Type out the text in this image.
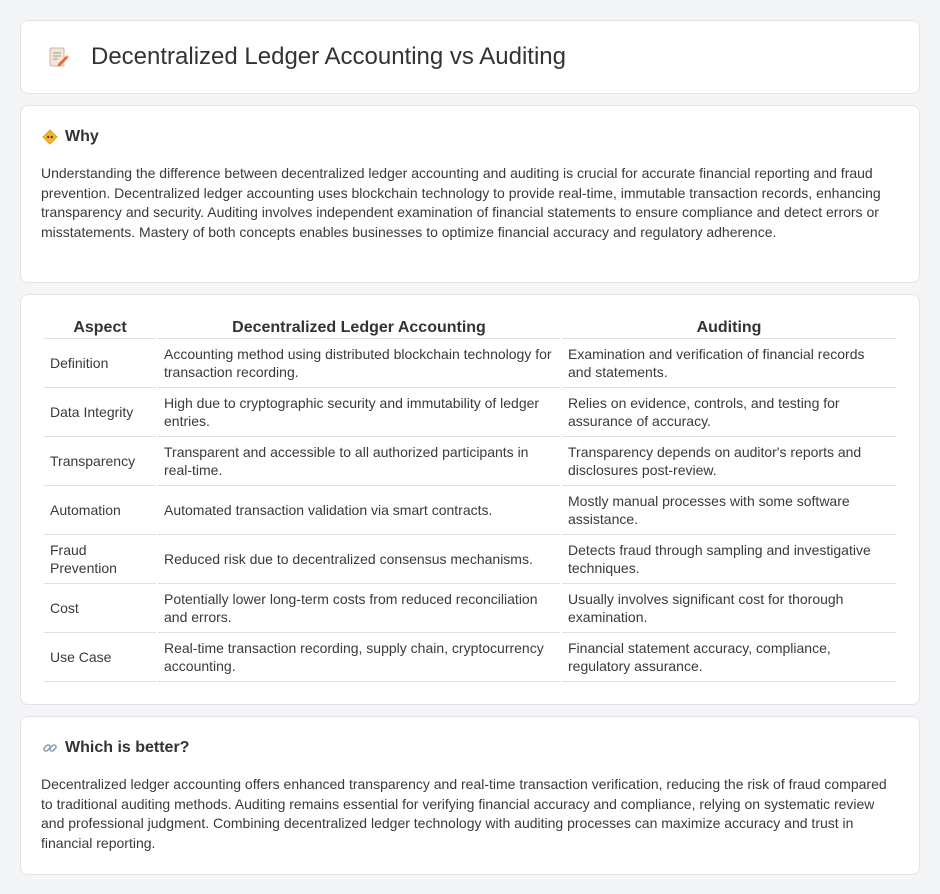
Decentralized Ledger Accounting vs Auditing
Why

Understanding the difference between decentralized ledger accounting and auditing is crucial for accurate financial reporting and fraud prevention. Decentralized ledger accounting uses blockchain technology to provide real-time, immutable transaction records, enhancing transparency and security. Auditing involves independent examination of financial statements to ensure compliance and detect errors or misstatements. Mastery of both concepts enables businesses to optimize financial accuracy and regulatory adherence.

Aspect	Decentralized Ledger Accounting	Auditing
Definition	Accounting method using distributed blockchain technology for transaction recording.	Examination and verification of financial records and statements.
Data Integrity	High due to cryptographic security and immutability of ledger entries.	Relies on evidence, controls, and testing for assurance of accuracy.
Transparency	Transparent and accessible to all authorized participants in real-time.	Transparency depends on auditor's reports and disclosures post-review.
Automation	Automated transaction validation via smart contracts.	Mostly manual processes with some software assistance.
Fraud Prevention	Reduced risk due to decentralized consensus mechanisms.	Detects fraud through sampling and investigative techniques.
Cost	Potentially lower long-term costs from reduced reconciliation and errors.	Usually involves significant cost for thorough examination.
Use Case	Real-time transaction recording, supply chain, cryptocurrency accounting.	Financial statement accuracy, compliance, regulatory assurance.
Which is better?

Decentralized ledger accounting offers enhanced transparency and real-time transaction verification, reducing the risk of fraud compared to traditional auditing methods. Auditing remains essential for verifying financial accuracy and compliance, relying on systematic review and professional judgment. Combining decentralized ledger technology with auditing processes can maximize accuracy and trust in financial reporting.
